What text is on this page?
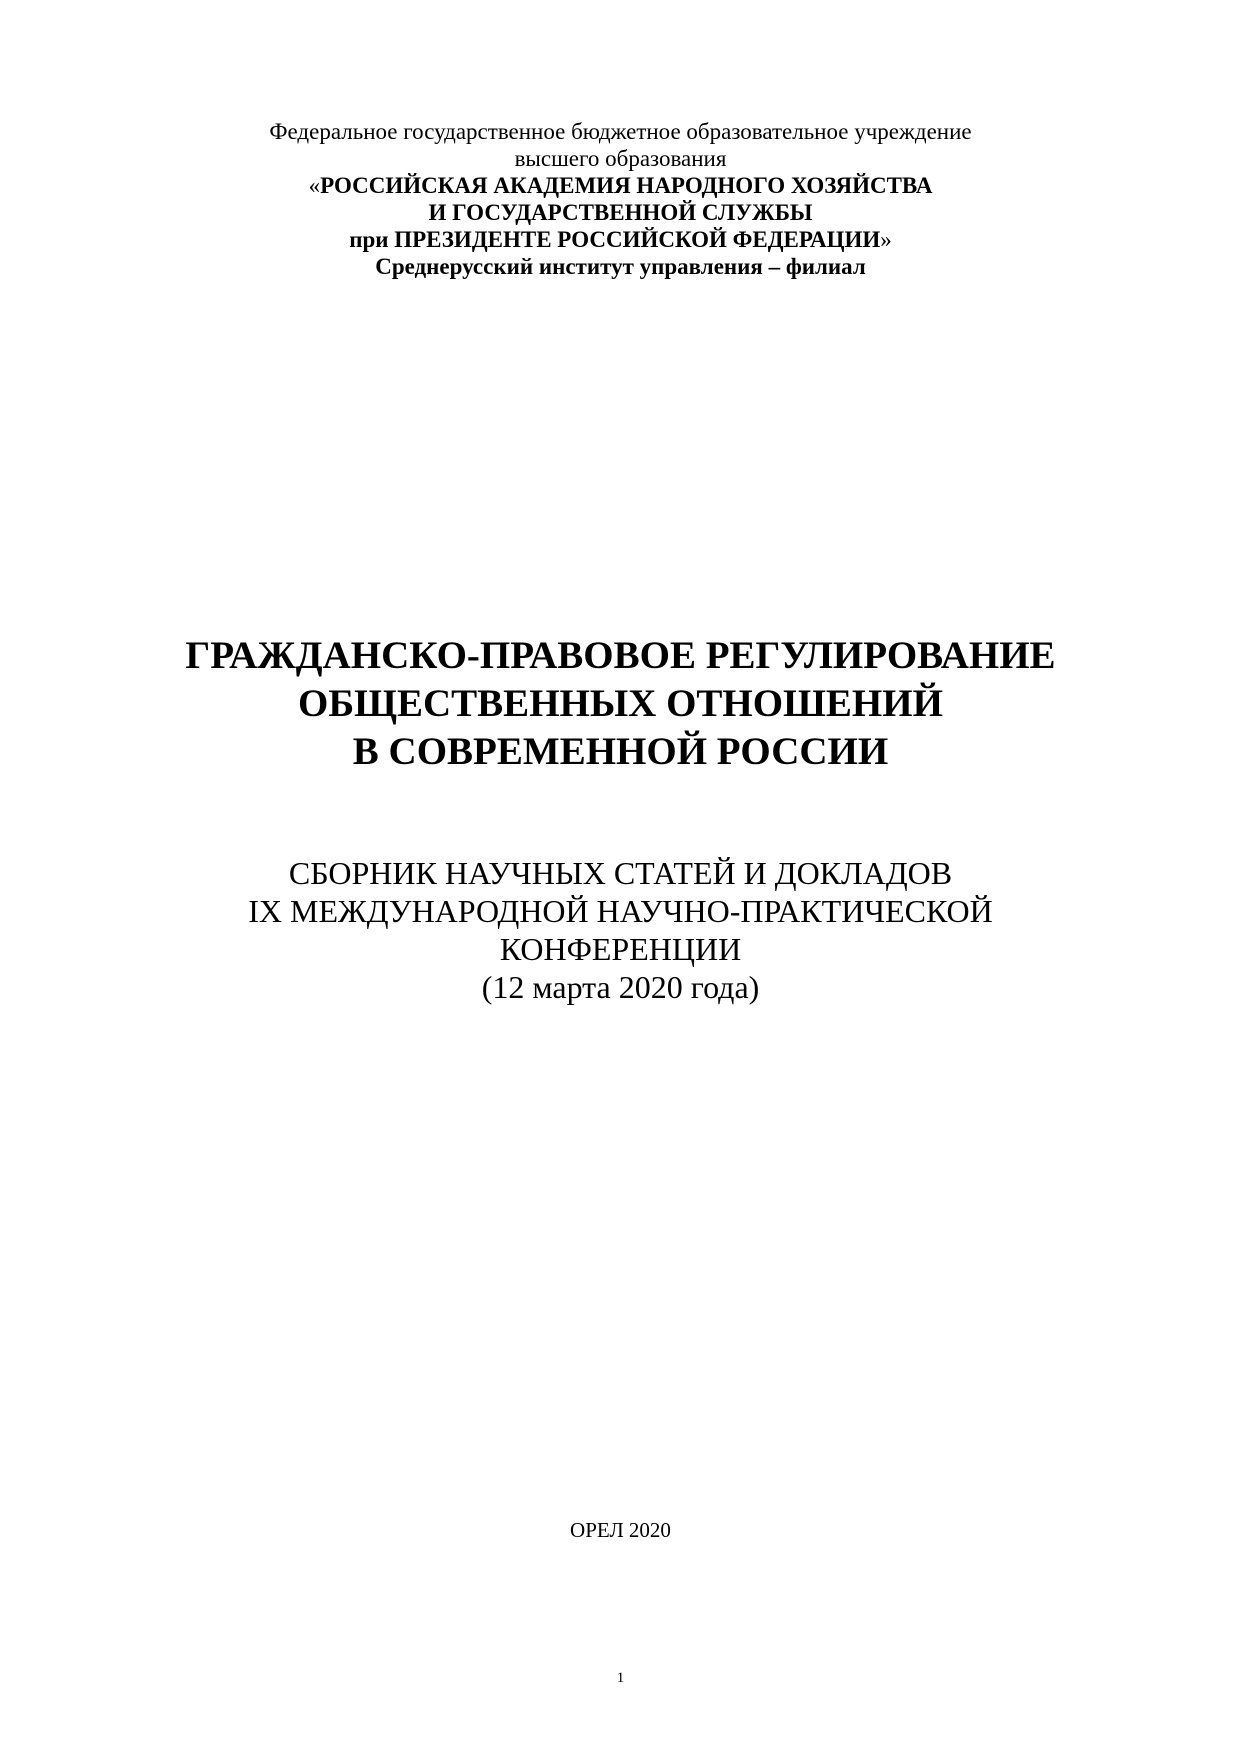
Федеральное государственное бюджетное образовательное учреждение
высшего образования
«РОССИЙСКАЯ АКАДЕМИЯ НАРОДНОГО ХОЗЯЙСТВА
И ГОСУДАРСТВЕННОЙ СЛУЖБЫ
при ПРЕЗИДЕНТЕ РОССИЙСКОЙ ФЕДЕРАЦИИ»
Среднерусский институт управления – филиал
ГРАЖДАНСКО-ПРАВОВОЕ РЕГУЛИРОВАНИЕ
ОБЩЕСТВЕННЫХ ОТНОШЕНИЙ
В СОВРЕМЕННОЙ РОССИИ
СБОРНИК НАУЧНЫХ СТАТЕЙ И ДОКЛАДОВ
IX МЕЖДУНАРОДНОЙ НАУЧНО-ПРАКТИЧЕСКОЙ
КОНФЕРЕНЦИИ
(12 марта 2020 года)
ОРЕЛ 2020
1
